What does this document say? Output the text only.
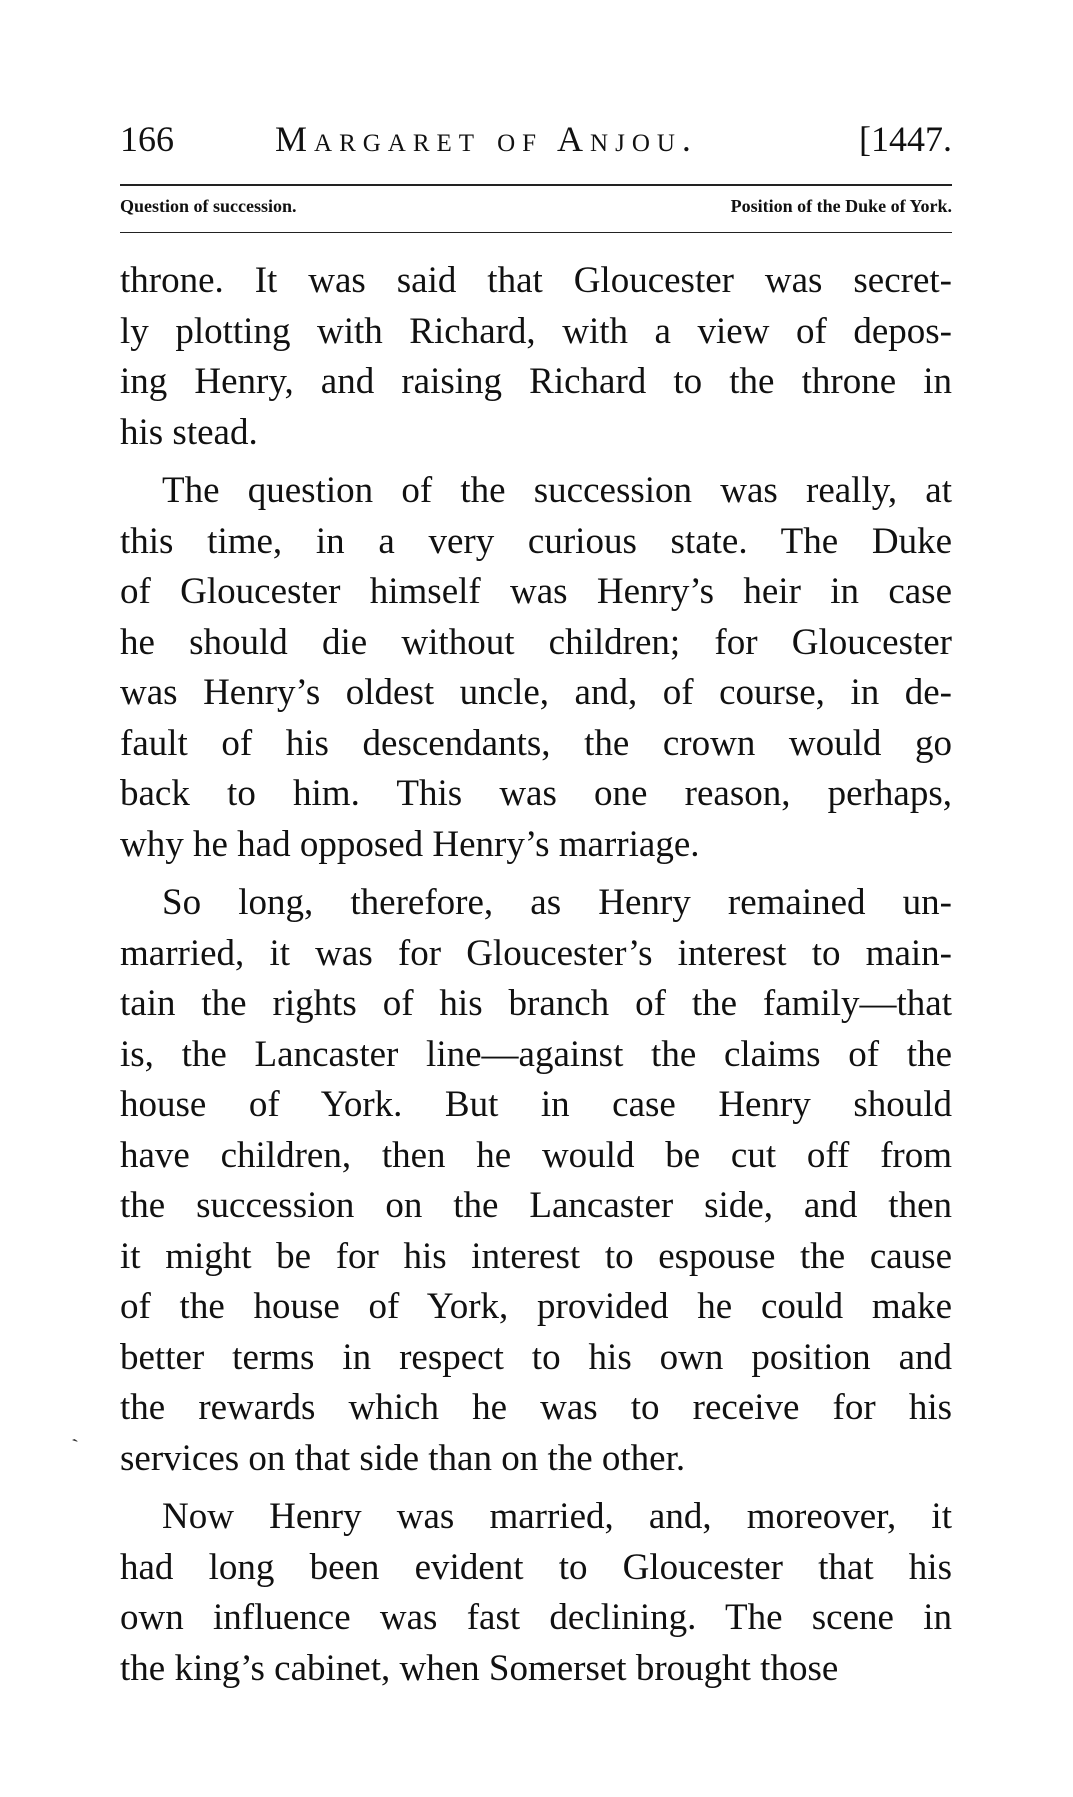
166	Margaret of Anjou.	[1447.
Question of succession.	Position of the Duke of York.

throne. It was said that Gloucester was secret-
ly plotting with Richard, with a view of depos-
ing Henry, and raising Richard to the throne in
his stead.

The question of the succession was really, at
this time, in a very curious state. The Duke
of Gloucester himself was Henry’s heir in case
he should die without children; for Gloucester
was Henry’s oldest uncle, and, of course, in de-
fault of his descendants, the crown would go
back to him. This was one reason, perhaps,
why he had opposed Henry’s marriage.

So long, therefore, as Henry remained un-
married, it was for Gloucester’s interest to main-
tain the rights of his branch of the family—that
is, the Lancaster line—against the claims of the
house of York. But in case Henry should
have children, then he would be cut off from
the succession on the Lancaster side, and then
it might be for his interest to espouse the cause
of the house of York, provided he could make
better terms in respect to his own position and
the rewards which he was to receive for his
services on that side than on the other.

Now Henry was married, and, moreover, it
had long been evident to Gloucester that his
own influence was fast declining. The scene in
the king’s cabinet, when Somerset brought those

ˏ
